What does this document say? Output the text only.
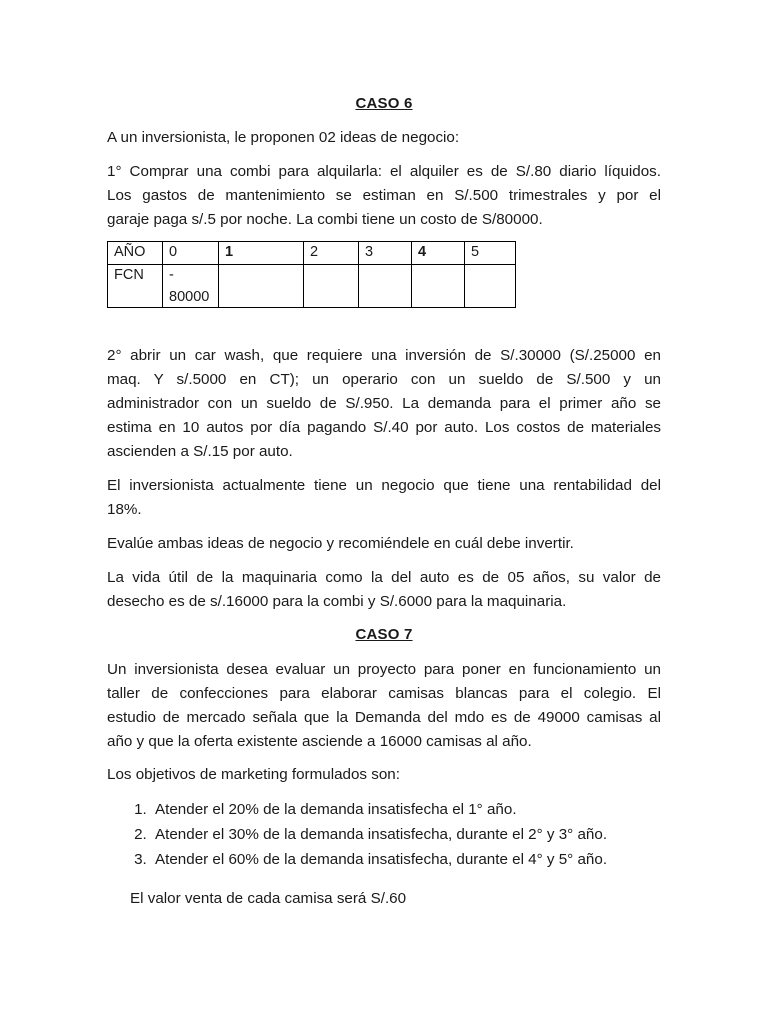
CASO 6
A un inversionista, le proponen 02 ideas de negocio:
1° Comprar una combi para alquilarla: el alquiler es de S/.80 diario líquidos.
Los gastos de mantenimiento se estiman en S/.500 trimestrales y por el
garaje paga s/.5 por noche. La combi tiene un costo de S/80000.
AÑO	0	1	2	3	4	5
FCN	-
80000					

2° abrir un car wash, que requiere una inversión de S/.30000 (S/.25000 en
maq. Y s/.5000 en CT); un operario con un sueldo de S/.500 y un
administrador con un sueldo de S/.950. La demanda para el primer año se
estima en 10 autos por día pagando S/.40 por auto. Los costos de materiales
ascienden a S/.15 por auto.
El inversionista actualmente tiene un negocio que tiene una rentabilidad del
18%.
Evalúe ambas ideas de negocio y recomiéndele en cuál debe invertir.
La vida útil de la maquinaria como la del auto es de 05 años, su valor de
desecho es de s/.16000 para la combi y S/.6000 para la maquinaria.
CASO 7
Un inversionista desea evaluar un proyecto para poner en funcionamiento un
taller de confecciones para elaborar camisas blancas para el colegio. El
estudio de mercado señala que la Demanda del mdo es de 49000 camisas al
año y que la oferta existente asciende a 16000 camisas al año.
Los objetivos de marketing formulados son:
1. Atender el 20% de la demanda insatisfecha el 1° año.
2. Atender el 30% de la demanda insatisfecha, durante el 2° y 3° año.
3. Atender el 60% de la demanda insatisfecha, durante el 4° y 5° año.
El valor venta de cada camisa será S/.60
